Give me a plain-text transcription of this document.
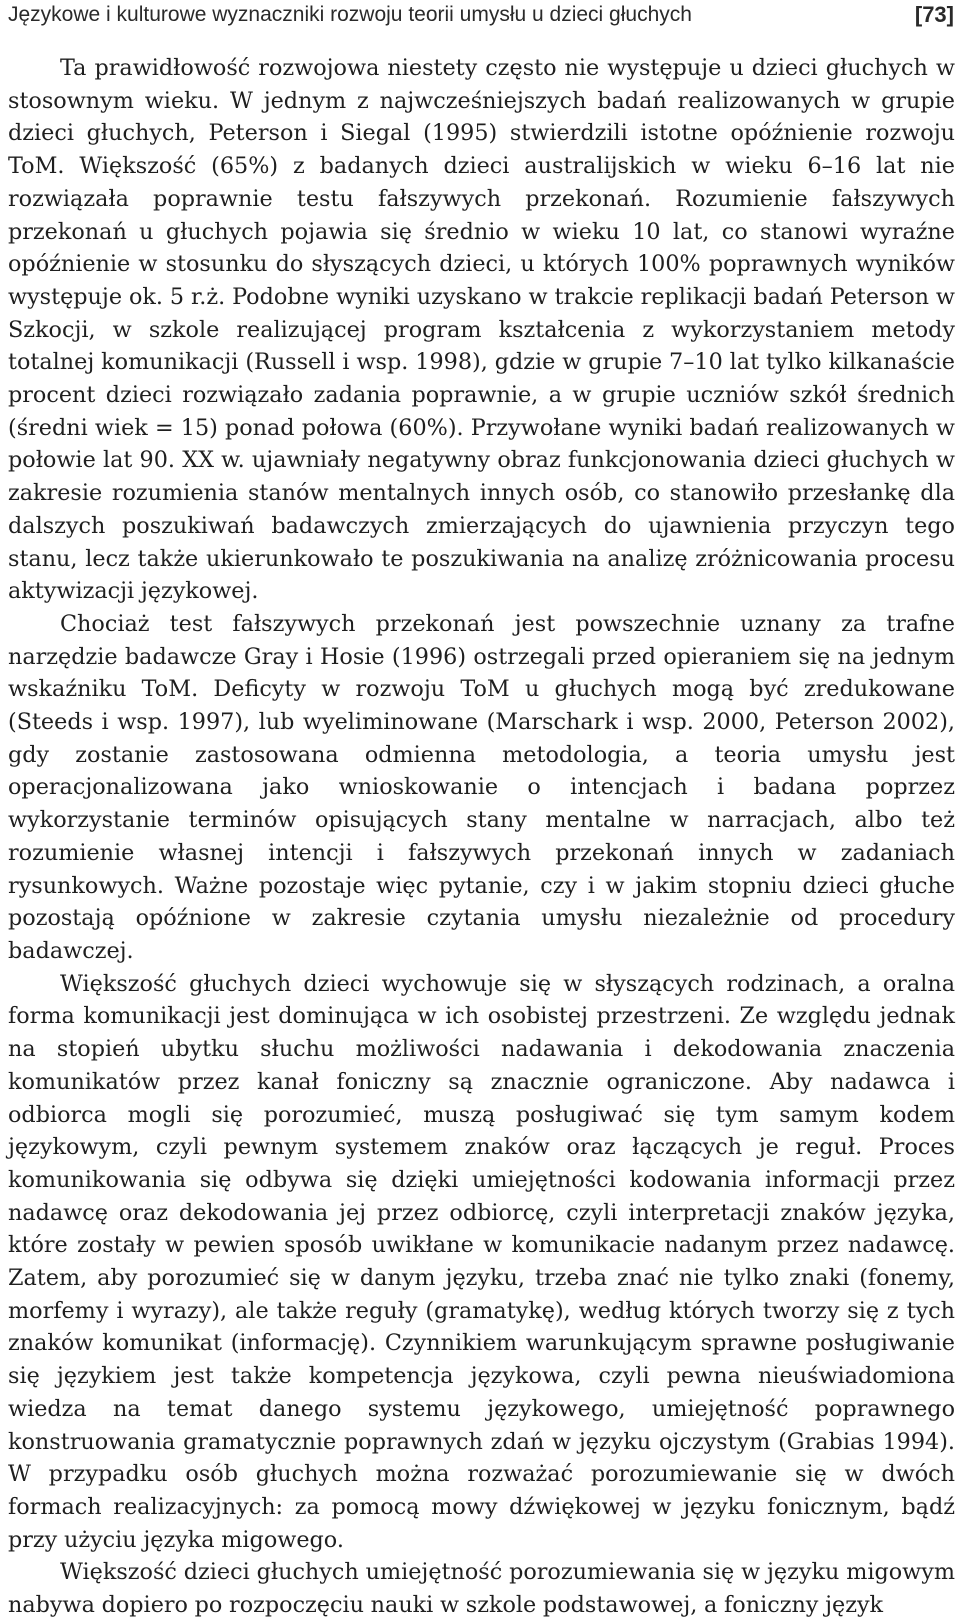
Językowe i kulturowe wyznaczniki rozwoju teorii umysłu u dzieci głuchych	[73]

Ta prawidłowość rozwojowa niestety często nie występuje u dzieci głuchych w stosownym wieku. W jednym z najwcześniejszych badań realizowanych w grupie dzieci głuchych, Peterson i Siegal (1995) stwierdzili istotne opóźnienie rozwoju ToM. Większość (65%) z badanych dzieci australijskich w wieku 6–16 lat nie rozwiązała poprawnie testu fałszywych przekonań. Rozumienie fałszywych przekonań u głuchych pojawia się średnio w wieku 10 lat, co stanowi wyraźne opóźnienie w stosunku do słyszących dzieci, u których 100% poprawnych wyników występuje ok. 5 r.ż. Podobne wyniki uzyskano w trakcie replikacji badań Peterson w Szkocji, w szkole realizującej program kształcenia z wykorzystaniem metody totalnej komunikacji (Russell i wsp. 1998), gdzie w grupie 7–10 lat tylko kilkanaście procent dzieci rozwiązało zadania poprawnie, a w grupie uczniów szkół średnich (średni wiek = 15) ponad połowa (60%). Przywołane wyniki badań realizowanych w połowie lat 90. XX w. ujawniały negatywny obraz funkcjonowania dzieci głuchych w zakresie rozumienia stanów mentalnych innych osób, co stanowiło przesłankę dla dalszych poszukiwań badawczych zmierzających do ujawnienia przyczyn tego stanu, lecz także ukierunkowało te poszukiwania na analizę zróżnicowania procesu aktywizacji językowej.

Chociaż test fałszywych przekonań jest powszechnie uznany za trafne narzędzie badawcze Gray i Hosie (1996) ostrzegali przed opieraniem się na jednym wskaźniku ToM. Deficyty w rozwoju ToM u głuchych mogą być zredukowane (Steeds i wsp. 1997), lub wyeliminowane (Marschark i wsp. 2000, Peterson 2002), gdy zostanie zastosowana odmienna metodologia, a teoria umysłu jest operacjonalizowana jako wnioskowanie o intencjach i badana poprzez wykorzystanie terminów opisujących stany mentalne w narracjach, albo też rozumienie własnej intencji i fałszywych przekonań innych w zadaniach rysunkowych. Ważne pozostaje więc pytanie, czy i w jakim stopniu dzieci głuche pozostają opóźnione w zakresie czytania umysłu niezależnie od procedury badawczej.

Większość głuchych dzieci wychowuje się w słyszących rodzinach, a oralna forma komunikacji jest dominująca w ich osobistej przestrzeni. Ze względu jednak na stopień ubytku słuchu możliwości nadawania i dekodowania znaczenia komunikatów przez kanał foniczny są znacznie ograniczone. Aby nadawca i odbiorca mogli się porozumieć, muszą posługiwać się tym samym kodem językowym, czyli pewnym systemem znaków oraz łączących je reguł. Proces komunikowania się odbywa się dzięki umiejętności kodowania informacji przez nadawcę oraz dekodowania jej przez odbiorcę, czyli interpretacji znaków języka, które zostały w pewien sposób uwikłane w komunikacie nadanym przez nadawcę. Zatem, aby porozumieć się w danym języku, trzeba znać nie tylko znaki (fonemy, morfemy i wyrazy), ale także reguły (gramatykę), według których tworzy się z tych znaków komunikat (informację). Czynnikiem warunkującym sprawne posługiwanie się językiem jest także kompetencja językowa, czyli pewna nieuświadomiona wiedza na temat danego systemu językowego, umiejętność poprawnego konstruowania gramatycznie poprawnych zdań w języku ojczystym (Grabias 1994). W przypadku osób głuchych można rozważać porozumiewanie się w dwóch formach realizacyjnych: za pomocą mowy dźwiękowej w języku fonicznym, bądź przy użyciu języka migowego.

Większość dzieci głuchych umiejętność porozumiewania się w języku migowym nabywa dopiero po rozpoczęciu nauki w szkole podstawowej, a foniczny język
